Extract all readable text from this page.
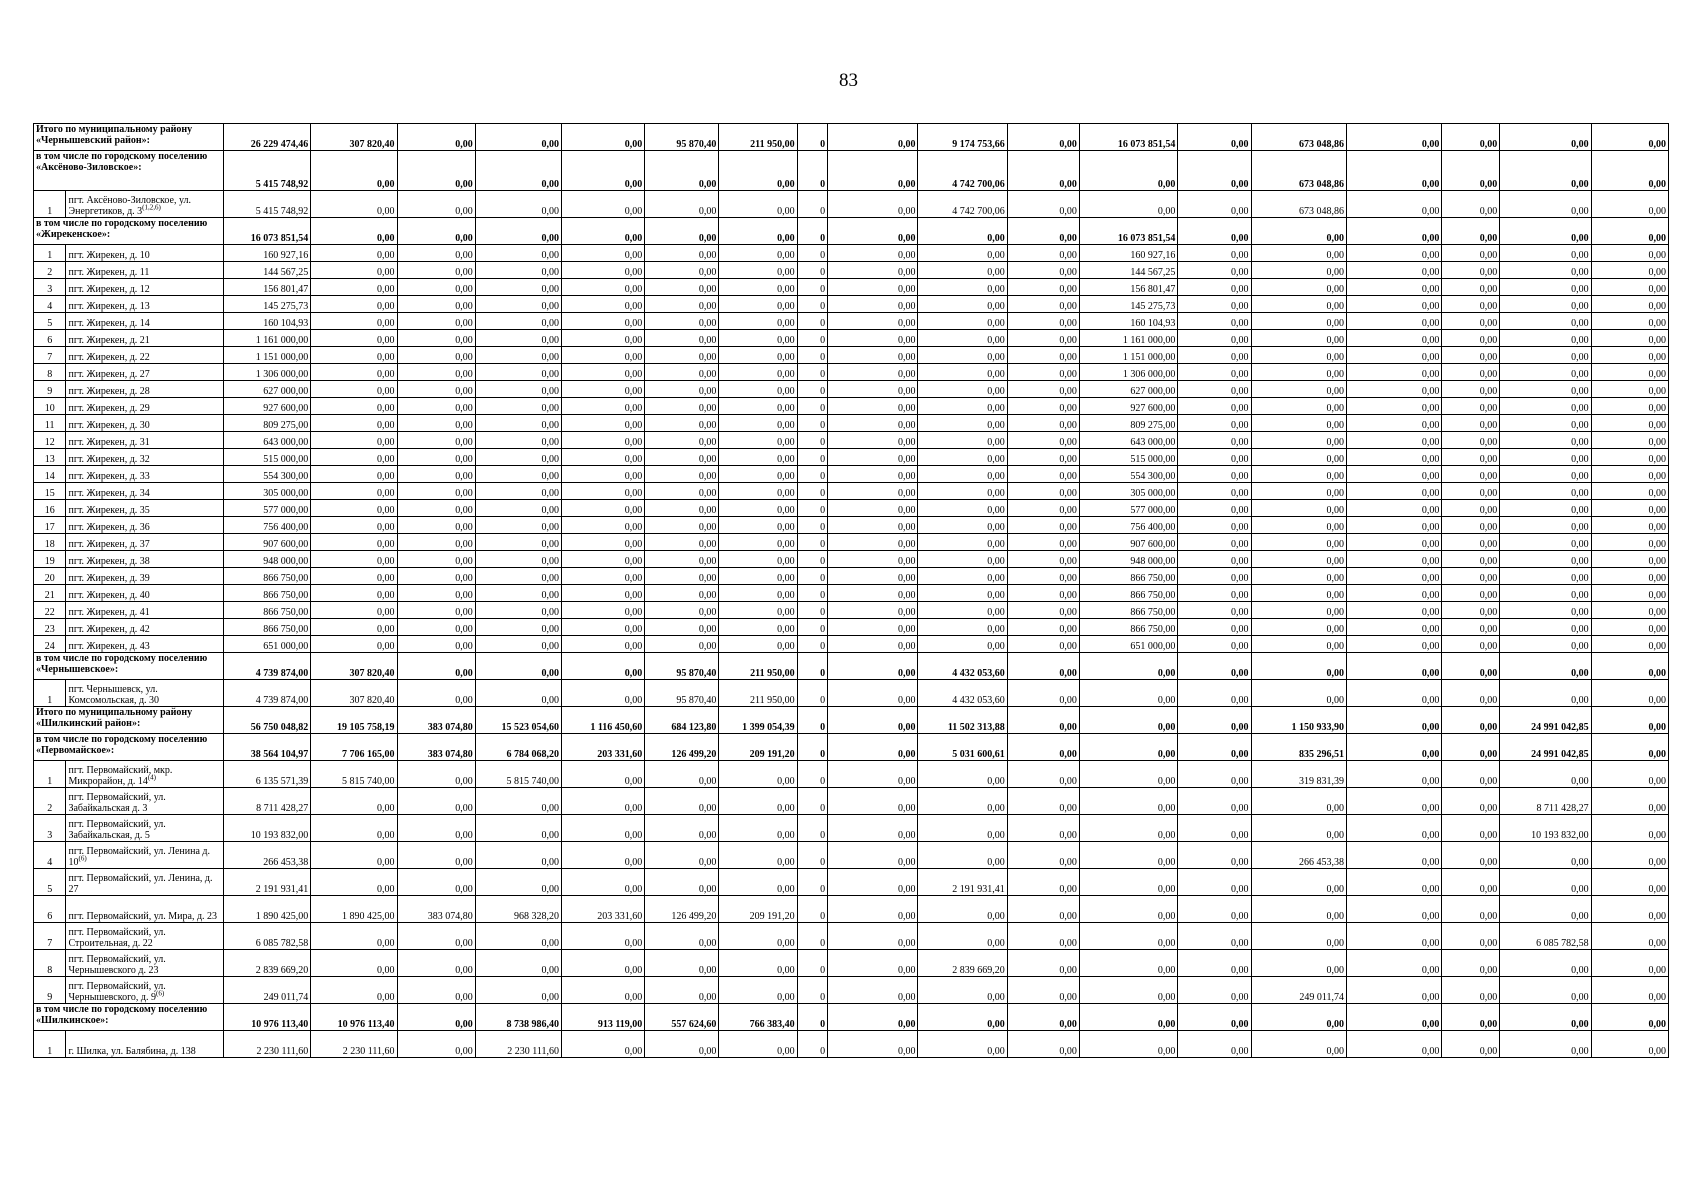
83
Итого по муниципальному району «Чернышевский район»:		26 229 474,46	307 820,40	0,00	0,00	0,00	95 870,40	211 950,00	0	0,00	9 174 753,66	0,00	16 073 851,54	0,00	673 048,86	0,00	0,00	0,00	0,00
в том числе по городскому поселению «Аксёново-Зиловское»:		5 415 748,92	0,00	0,00	0,00	0,00	0,00	0,00	0	0,00	4 742 700,06	0,00	0,00	0,00	673 048,86	0,00	0,00	0,00	0,00
1	пгт. Аксёново-Зиловское, ул. Энергетиков, д. 3$^{(1,2,6)}$	5 415 748,92	0,00	0,00	0,00	0,00	0,00	0,00	0	0,00	4 742 700,06	0,00	0,00	0,00	673 048,86	0,00	0,00	0,00	0,00
в том числе по городскому поселению «Жирекенское»:		16 073 851,54	0,00	0,00	0,00	0,00	0,00	0,00	0	0,00	0,00	0,00	16 073 851,54	0,00	0,00	0,00	0,00	0,00	0,00
1	пгт. Жирекен, д. 10	160 927,16	0,00	0,00	0,00	0,00	0,00	0,00	0	0,00	0,00	0,00	160 927,16	0,00	0,00	0,00	0,00	0,00	0,00
2	пгт. Жирекен, д. 11	144 567,25	0,00	0,00	0,00	0,00	0,00	0,00	0	0,00	0,00	0,00	144 567,25	0,00	0,00	0,00	0,00	0,00	0,00
3	пгт. Жирекен, д. 12	156 801,47	0,00	0,00	0,00	0,00	0,00	0,00	0	0,00	0,00	0,00	156 801,47	0,00	0,00	0,00	0,00	0,00	0,00
4	пгт. Жирекен, д. 13	145 275,73	0,00	0,00	0,00	0,00	0,00	0,00	0	0,00	0,00	0,00	145 275,73	0,00	0,00	0,00	0,00	0,00	0,00
5	пгт. Жирекен, д. 14	160 104,93	0,00	0,00	0,00	0,00	0,00	0,00	0	0,00	0,00	0,00	160 104,93	0,00	0,00	0,00	0,00	0,00	0,00
6	пгт. Жирекен, д. 21	1 161 000,00	0,00	0,00	0,00	0,00	0,00	0,00	0	0,00	0,00	0,00	1 161 000,00	0,00	0,00	0,00	0,00	0,00	0,00
7	пгт. Жирекен, д. 22	1 151 000,00	0,00	0,00	0,00	0,00	0,00	0,00	0	0,00	0,00	0,00	1 151 000,00	0,00	0,00	0,00	0,00	0,00	0,00
8	пгт. Жирекен, д. 27	1 306 000,00	0,00	0,00	0,00	0,00	0,00	0,00	0	0,00	0,00	0,00	1 306 000,00	0,00	0,00	0,00	0,00	0,00	0,00
9	пгт. Жирекен, д. 28	627 000,00	0,00	0,00	0,00	0,00	0,00	0,00	0	0,00	0,00	0,00	627 000,00	0,00	0,00	0,00	0,00	0,00	0,00
10	пгт. Жирекен, д. 29	927 600,00	0,00	0,00	0,00	0,00	0,00	0,00	0	0,00	0,00	0,00	927 600,00	0,00	0,00	0,00	0,00	0,00	0,00
11	пгт. Жирекен, д. 30	809 275,00	0,00	0,00	0,00	0,00	0,00	0,00	0	0,00	0,00	0,00	809 275,00	0,00	0,00	0,00	0,00	0,00	0,00
12	пгт. Жирекен, д. 31	643 000,00	0,00	0,00	0,00	0,00	0,00	0,00	0	0,00	0,00	0,00	643 000,00	0,00	0,00	0,00	0,00	0,00	0,00
13	пгт. Жирекен, д. 32	515 000,00	0,00	0,00	0,00	0,00	0,00	0,00	0	0,00	0,00	0,00	515 000,00	0,00	0,00	0,00	0,00	0,00	0,00
14	пгт. Жирекен, д. 33	554 300,00	0,00	0,00	0,00	0,00	0,00	0,00	0	0,00	0,00	0,00	554 300,00	0,00	0,00	0,00	0,00	0,00	0,00
15	пгт. Жирекен, д. 34	305 000,00	0,00	0,00	0,00	0,00	0,00	0,00	0	0,00	0,00	0,00	305 000,00	0,00	0,00	0,00	0,00	0,00	0,00
16	пгт. Жирекен, д. 35	577 000,00	0,00	0,00	0,00	0,00	0,00	0,00	0	0,00	0,00	0,00	577 000,00	0,00	0,00	0,00	0,00	0,00	0,00
17	пгт. Жирекен, д. 36	756 400,00	0,00	0,00	0,00	0,00	0,00	0,00	0	0,00	0,00	0,00	756 400,00	0,00	0,00	0,00	0,00	0,00	0,00
18	пгт. Жирекен, д. 37	907 600,00	0,00	0,00	0,00	0,00	0,00	0,00	0	0,00	0,00	0,00	907 600,00	0,00	0,00	0,00	0,00	0,00	0,00
19	пгт. Жирекен, д. 38	948 000,00	0,00	0,00	0,00	0,00	0,00	0,00	0	0,00	0,00	0,00	948 000,00	0,00	0,00	0,00	0,00	0,00	0,00
20	пгт. Жирекен, д. 39	866 750,00	0,00	0,00	0,00	0,00	0,00	0,00	0	0,00	0,00	0,00	866 750,00	0,00	0,00	0,00	0,00	0,00	0,00
21	пгт. Жирекен, д. 40	866 750,00	0,00	0,00	0,00	0,00	0,00	0,00	0	0,00	0,00	0,00	866 750,00	0,00	0,00	0,00	0,00	0,00	0,00
22	пгт. Жирекен, д. 41	866 750,00	0,00	0,00	0,00	0,00	0,00	0,00	0	0,00	0,00	0,00	866 750,00	0,00	0,00	0,00	0,00	0,00	0,00
23	пгт. Жирекен, д. 42	866 750,00	0,00	0,00	0,00	0,00	0,00	0,00	0	0,00	0,00	0,00	866 750,00	0,00	0,00	0,00	0,00	0,00	0,00
24	пгт. Жирекен, д. 43	651 000,00	0,00	0,00	0,00	0,00	0,00	0,00	0	0,00	0,00	0,00	651 000,00	0,00	0,00	0,00	0,00	0,00	0,00
в том числе по городскому поселению «Чернышевское»:		4 739 874,00	307 820,40	0,00	0,00	0,00	95 870,40	211 950,00	0	0,00	4 432 053,60	0,00	0,00	0,00	0,00	0,00	0,00	0,00	0,00
1	пгт. Чернышевск, ул. Комсомольская, д. 30	4 739 874,00	307 820,40	0,00	0,00	0,00	95 870,40	211 950,00	0	0,00	4 432 053,60	0,00	0,00	0,00	0,00	0,00	0,00	0,00	0,00
Итого по муниципальному району «Шилкинский район»:		56 750 048,82	19 105 758,19	383 074,80	15 523 054,60	1 116 450,60	684 123,80	1 399 054,39	0	0,00	11 502 313,88	0,00	0,00	0,00	1 150 933,90	0,00	0,00	24 991 042,85	0,00
в том числе по городскому поселению «Первомайское»:		38 564 104,97	7 706 165,00	383 074,80	6 784 068,20	203 331,60	126 499,20	209 191,20	0	0,00	5 031 600,61	0,00	0,00	0,00	835 296,51	0,00	0,00	24 991 042,85	0,00
1	пгт. Первомайский, мкр. Микрорайон, д. 14$^{(4)}$	6 135 571,39	5 815 740,00	0,00	5 815 740,00	0,00	0,00	0,00	0	0,00	0,00	0,00	0,00	0,00	319 831,39	0,00	0,00	0,00	0,00
2	пгт. Первомайский, ул. Забайкальская д. 3	8 711 428,27	0,00	0,00	0,00	0,00	0,00	0,00	0	0,00	0,00	0,00	0,00	0,00	0,00	0,00	0,00	8 711 428,27	0,00
3	пгт. Первомайский, ул. Забайкальская, д. 5	10 193 832,00	0,00	0,00	0,00	0,00	0,00	0,00	0	0,00	0,00	0,00	0,00	0,00	0,00	0,00	0,00	10 193 832,00	0,00
4	пгт. Первомайский, ул. Ленина д. 10$^{(6)}$	266 453,38	0,00	0,00	0,00	0,00	0,00	0,00	0	0,00	0,00	0,00	0,00	0,00	266 453,38	0,00	0,00	0,00	0,00
5	пгт. Первомайский, ул. Ленина, д. 27	2 191 931,41	0,00	0,00	0,00	0,00	0,00	0,00	0	0,00	2 191 931,41	0,00	0,00	0,00	0,00	0,00	0,00	0,00	0,00
6	пгт. Первомайский, ул. Мира, д. 23	1 890 425,00	1 890 425,00	383 074,80	968 328,20	203 331,60	126 499,20	209 191,20	0	0,00	0,00	0,00	0,00	0,00	0,00	0,00	0,00	0,00	0,00
7	пгт. Первомайский, ул. Строительная, д. 22	6 085 782,58	0,00	0,00	0,00	0,00	0,00	0,00	0	0,00	0,00	0,00	0,00	0,00	0,00	0,00	0,00	6 085 782,58	0,00
8	пгт. Первомайский, ул. Чернышевского д. 23	2 839 669,20	0,00	0,00	0,00	0,00	0,00	0,00	0	0,00	2 839 669,20	0,00	0,00	0,00	0,00	0,00	0,00	0,00	0,00
9	пгт. Первомайский, ул. Чернышевского, д. 9$^{(6)}$	249 011,74	0,00	0,00	0,00	0,00	0,00	0,00	0	0,00	0,00	0,00	0,00	0,00	249 011,74	0,00	0,00	0,00	0,00
в том числе по городскому поселению «Шилкинское»:		10 976 113,40	10 976 113,40	0,00	8 738 986,40	913 119,00	557 624,60	766 383,40	0	0,00	0,00	0,00	0,00	0,00	0,00	0,00	0,00	0,00	0,00
1	г. Шилка, ул. Балябина, д. 138	2 230 111,60	2 230 111,60	0,00	2 230 111,60	0,00	0,00	0,00	0	0,00	0,00	0,00	0,00	0,00	0,00	0,00	0,00	0,00	0,00
